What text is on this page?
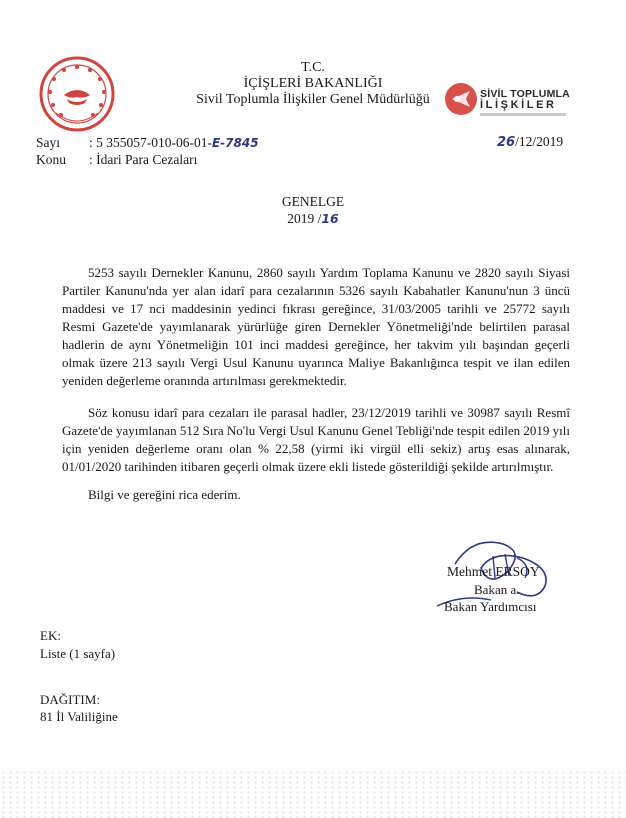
T.C.
İÇİŞLERİ BAKANLIĞI
Sivil Toplumla İlişkiler Genel Müdürlüğü	SİVİL TOPLUMLA
İLİŞKİLER
Sayı : 5 355057-010-06-01-E-7845
Konu : İdari Para Cezaları
26/12/2019
GENELGE
2019 /16
5253 sayılı Dernekler Kanunu, 2860 sayılı Yardım Toplama Kanunu ve 2820 sayılı Siyasi Partiler Kanunu'nda yer alan idarî para cezalarının 5326 sayılı Kabahatler Kanunu'nun 3 üncü maddesi ve 17 nci maddesinin yedinci fıkrası gereğince, 31/03/2005 tarihli ve 25772 sayılı Resmi Gazete'de yayımlanarak yürürlüğe giren Dernekler Yönetmeliği'nde belirtilen parasal hadlerin de aynı Yönetmeliğin 101 inci maddesi gereğince, her takvim yılı başından geçerli olmak üzere 213 sayılı Vergi Usul Kanunu uyarınca Maliye Bakanlığınca tespit ve ilan edilen yeniden değerleme oranında artırılması gerekmektedir.
Söz konusu idarî para cezaları ile parasal hadler, 23/12/2019 tarihli ve 30987 sayılı Resmî Gazete'de yayımlanan 512 Sıra No'lu Vergi Usul Kanunu Genel Tebliği'nde tespit edilen 2019 yılı için yeniden değerleme oranı olan % 22,58 (yirmi iki virgül elli sekiz) artış esas alınarak, 01/01/2020 tarihinden itibaren geçerli olmak üzere ekli listede gösterildiği şekilde artırılmıştır.
Bilgi ve gereğini rica ederim.
Mehmet ERSOY
Bakan a.
Bakan Yardımcısı
EK:
Liste (1 sayfa)
DAĞITIM:
81 İl Valiliğine
